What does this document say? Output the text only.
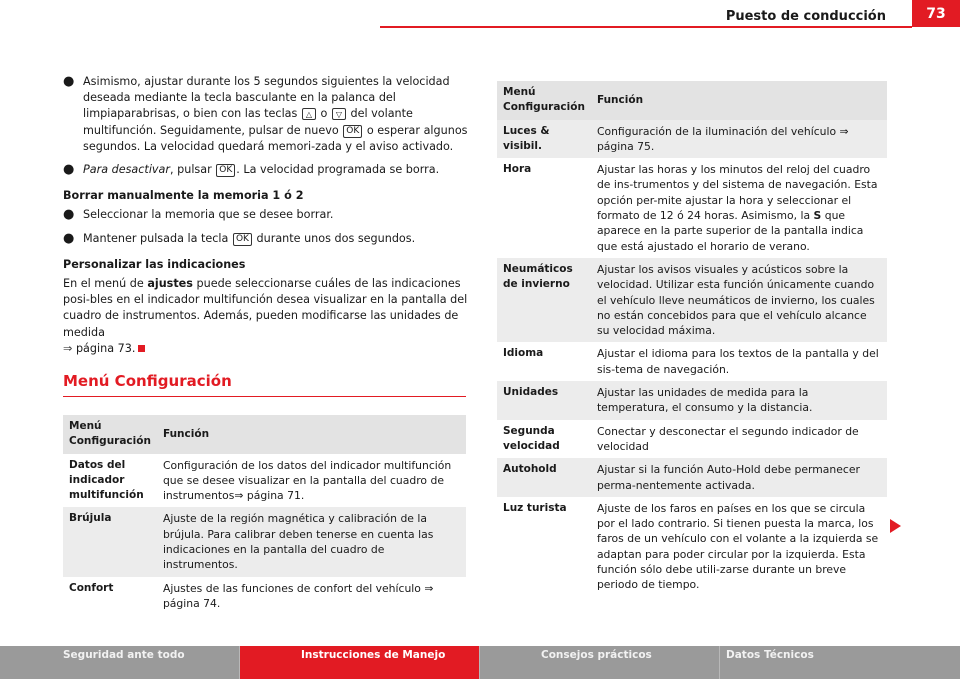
Puesto de conducción	73
● Asimismo, ajustar durante los 5 segundos siguientes la velocidad deseada mediante la tecla basculante en la palanca del limpiaparabrisas, o bien con las teclas △ o ▽ del volante multifunción. Seguidamente, pulsar de nuevo OK o esperar algunos segundos. La velocidad quedará memori-zada y el aviso activado.
● Para desactivar, pulsar OK . La velocidad programada se borra.
Borrar manualmente la memoria 1 ó 2
● Seleccionar la memoria que se desee borrar.
● Mantener pulsada la tecla OK durante unos dos segundos.
Personalizar las indicaciones
En el menú de ajustes puede seleccionarse cuáles de las indicaciones posi-bles en el indicador multifunción desea visualizar en la pantalla del cuadro de instrumentos. Además, pueden modificarse las unidades de medida
⇒ página 73.
Menú Configuración
Menú Configuración	Función
Datos del indicador multifunción	Configuración de los datos del indicador multifunción que se desee visualizar en la pantalla del cuadro de instrumentos⇒ página 71.
Brújula	Ajuste de la región magnética y calibración de la brújula. Para calibrar deben tenerse en cuenta las indicaciones en la pantalla del cuadro de instrumentos.
Confort	Ajustes de las funciones de confort del vehículo ⇒ página 74.
Menú Configuración	Función
Luces & visibil.	Configuración de la iluminación del vehículo ⇒ página 75.
Hora	Ajustar las horas y los minutos del reloj del cuadro de ins-trumentos y del sistema de navegación. Esta opción per-mite ajustar la hora y seleccionar el formato de 12 ó 24 horas. Asimismo, la S que aparece en la parte superior de la pantalla indica que está ajustado el horario de verano.
Neumáticos de invierno	Ajustar los avisos visuales y acústicos sobre la velocidad. Utilizar esta función únicamente cuando el vehículo lleve neumáticos de invierno, los cuales no están concebidos para que el vehículo alcance su velocidad máxima.
Idioma	Ajustar el idioma para los textos de la pantalla y del sis-tema de navegación.
Unidades	Ajustar las unidades de medida para la temperatura, el consumo y la distancia.
Segunda velocidad	Conectar y desconectar el segundo indicador de velocidad
Autohold	Ajustar si la función Auto-Hold debe permanecer perma-nentemente activada.
Luz turista	Ajuste de los faros en países en los que se circula por el lado contrario. Si tienen puesta la marca, los faros de un vehículo con el volante a la izquierda se adaptan para poder circular por la izquierda. Esta función sólo debe utili-zarse durante un breve periodo de tiempo.
Seguridad ante todo	Instrucciones de Manejo	Consejos prácticos	Datos Técnicos
